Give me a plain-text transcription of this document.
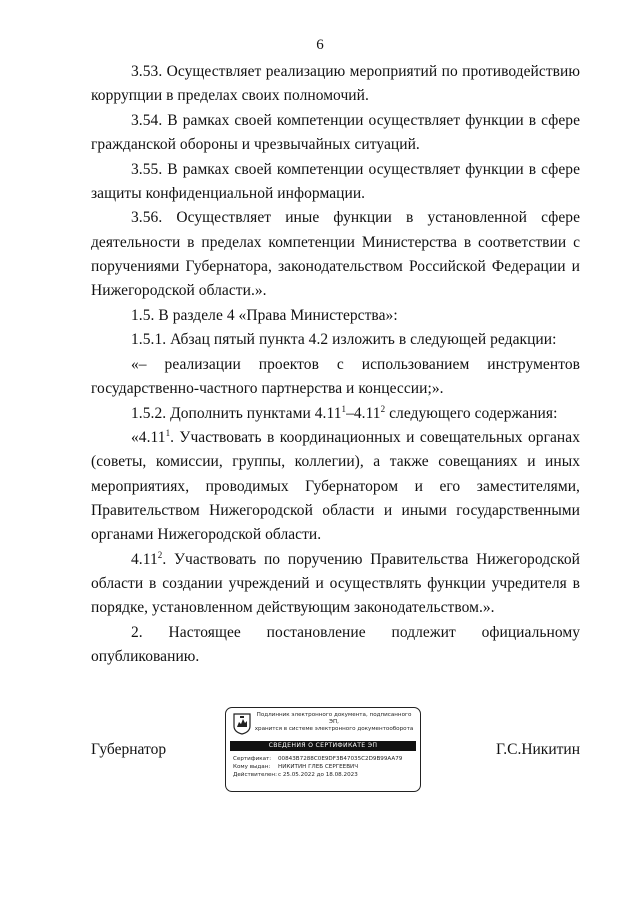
6

3.53. Осуществляет реализацию мероприятий по противодействию коррупции в пределах своих полномочий.

3.54. В рамках своей компетенции осуществляет функции в сфере гражданской обороны и чрезвычайных ситуаций.

3.55. В рамках своей компетенции осуществляет функции в сфере защиты конфиденциальной информации.

3.56. Осуществляет иные функции в установленной сфере деятельности в пределах компетенции Министерства в соответствии с поручениями Губернатора, законодательством Российской Федерации и Нижегородской области.».

1.5. В разделе 4 «Права Министерства»:

1.5.1. Абзац пятый пункта 4.2 изложить в следующей редакции:

«– реализации проектов с использованием инструментов государственно-частного партнерства и концессии;».

1.5.2. Дополнить пунктами 4.11$^1$–4.11$^2$ следующего содержания:

«4.11$^1$. Участвовать в координационных и совещательных органах (советы, комиссии, группы, коллегии), а также совещаниях и иных мероприятиях, проводимых Губернатором и его заместителями, Правительством Нижегородской области и иными государственными органами Нижегородской области.

4.11$^2$. Участвовать по поручению Правительства Нижегородской области в создании учреждений и осуществлять функции учредителя в порядке, установленном действующим законодательством.».

2. Настоящее постановление подлежит официальному опубликованию.

Губернатор	Г.С.Никитин
Подлинник электронного документа, подписанного ЭП,
хранится в системе электронного документооборота
СВЕДЕНИЯ О СЕРТИФИКАТЕ ЭП
Сертификат: 00843B7288C0E9DF3B47035C2D9B99AA79
Кому выдан: НИКИТИН ГЛЕБ СЕРГЕЕВИЧ
Действителен:с 25.05.2022 до 18.08.2023
